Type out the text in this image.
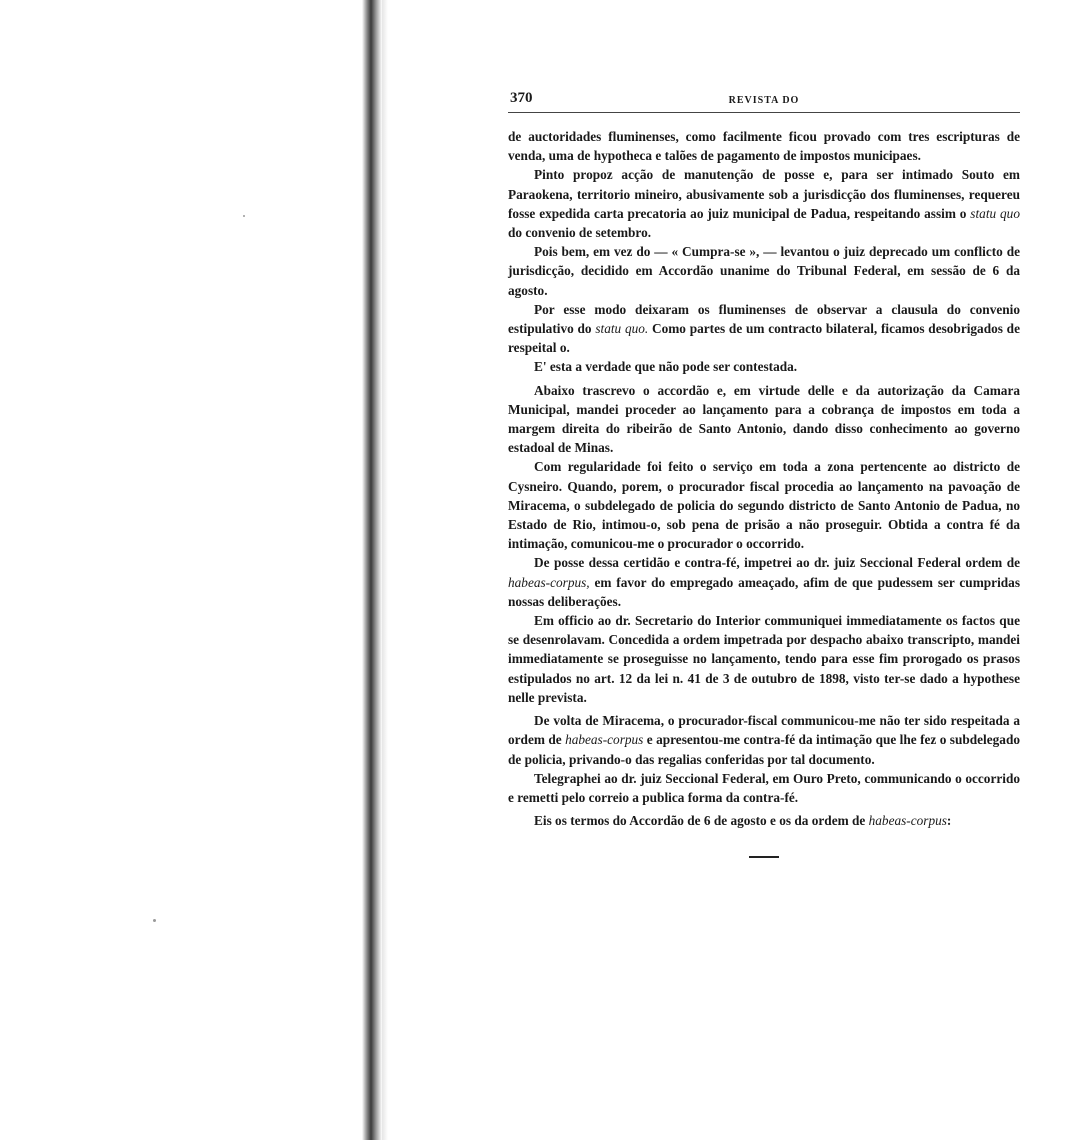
370	REVISTA DO

de auctoridades fluminenses, como facilmente ficou provado com tres escripturas de venda, uma de hypotheca e talões de pagamento de impostos municipaes.

Pinto propoz acção de manutenção de posse e, para ser intimado Souto em Paraokena, territorio mineiro, abusivamente sob a jurisdicção dos fluminenses, requereu fosse expedida carta precatoria ao juiz municipal de Padua, respeitando assim o statu quo do convenio de setembro.

Pois bem, em vez do — « Cumpra-se », — levantou o juiz deprecado um conflicto de jurisdicção, decidido em Accordão unanime do Tribunal Federal, em sessão de 6 da agosto.

Por esse modo deixaram os fluminenses de observar a clausula do convenio estipulativo do statu quo. Como partes de um contracto bilateral, ficamos desobrigados de respeital o.

E' esta a verdade que não pode ser contestada.

Abaixo trascrevo o accordão e, em virtude delle e da autorização da Camara Municipal, mandei proceder ao lançamento para a cobrança de impostos em toda a margem direita do ribeirão de Santo Antonio, dando disso conhecimento ao governo estadoal de Minas.

Com regularidade foi feito o serviço em toda a zona pertencente ao districto de Cysneiro. Quando, porem, o procurador fiscal procedia ao lançamento na pavoação de Miracema, o subdelegado de policia do segundo districto de Santo Antonio de Padua, no Estado de Rio, intimou-o, sob pena de prisão a não proseguir. Obtida a contra fé da intimação, comunicou-me o procurador o occorrido.

De posse dessa certidão e contra-fé, impetrei ao dr. juiz Seccional Federal ordem de habeas-corpus, em favor do empregado ameaçado, afim de que pudessem ser cumpridas nossas deliberações.

Em officio ao dr. Secretario do Interior communiquei immediatamente os factos que se desenrolavam. Concedida a ordem impetrada por despacho abaixo transcripto, mandei immediatamente se proseguisse no lançamento, tendo para esse fim prorogado os prasos estipulados no art. 12 da lei n. 41 de 3 de outubro de 1898, visto ter-se dado a hypothese nelle prevista.

De volta de Miracema, o procurador-fiscal communicou-me não ter sido respeitada a ordem de habeas-corpus e apresentou-me contra-fé da intimação que lhe fez o subdelegado de policia, privando-o das regalias conferidas por tal documento.

Telegraphei ao dr. juiz Seccional Federal, em Ouro Preto, communicando o occorrido e remetti pelo correio a publica forma da contra-fé.

Eis os termos do Accordão de 6 de agosto e os da ordem de habeas-corpus:
